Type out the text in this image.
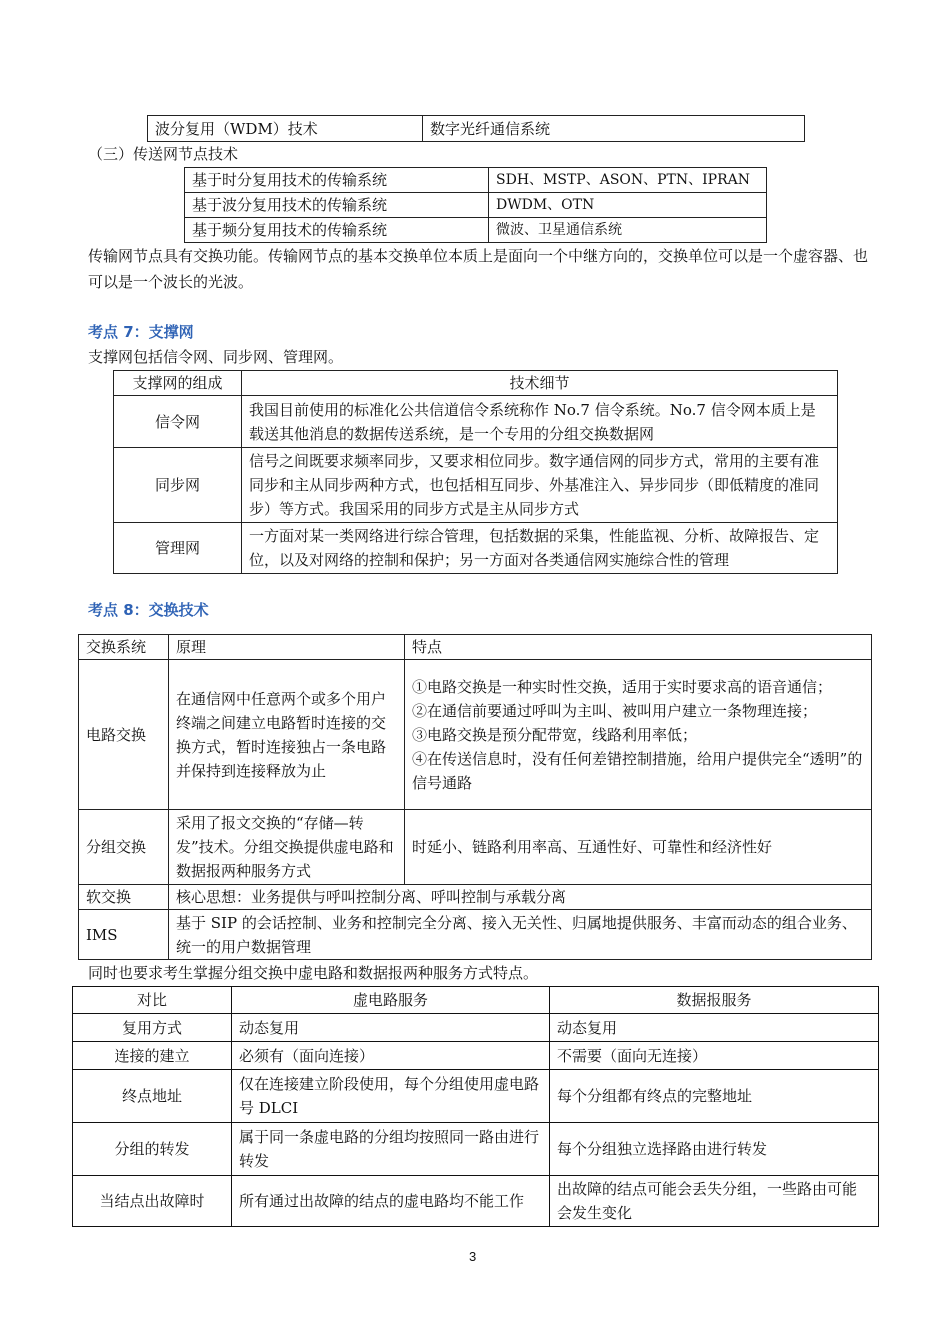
波分复用（WDM）技术	数字光纤通信系统
（三）传送网节点技术
基于时分复用技术的传输系统	SDH、MSTP、ASON、PTN、IPRAN
基于波分复用技术的传输系统	DWDM、OTN
基于频分复用技术的传输系统	微波、卫星通信系统
传输网节点具有交换功能。传输网节点的基本交换单位本质上是面向一个中继方向的，交换单位可以是一个虚容器、也可以是一个波长的光波。
考点 7：支撑网
支撑网包括信令网、同步网、管理网。
支撑网的组成	技术细节
信令网	我国目前使用的标准化公共信道信令系统称作 No.7 信令系统。No.7 信令网本质上是载送其他消息的数据传送系统，是一个专用的分组交换数据网
同步网	信号之间既要求频率同步，又要求相位同步。数字通信网的同步方式，常用的主要有准同步和主从同步两种方式，也包括相互同步、外基准注入、异步同步（即低精度的准同步）等方式。我国采用的同步方式是主从同步方式
管理网	一方面对某一类网络进行综合管理，包括数据的采集，性能监视、分析、故障报告、定位，以及对网络的控制和保护；另一方面对各类通信网实施综合性的管理
考点 8：交换技术
交换系统	原理	特点
电路交换	在通信网中任意两个或多个用户终端之间建立电路暂时连接的交换方式，暂时连接独占一条电路并保持到连接释放为止	①电路交换是一种实时性交换，适用于实时要求高的语音通信；
②在通信前要通过呼叫为主叫、被叫用户建立一条物理连接；
③电路交换是预分配带宽，线路利用率低；
④在传送信息时，没有任何差错控制措施，给用户提供完全“透明”的信号通路

分组交换	采用了报文交换的“存储—转发”技术。分组交换提供虚电路和数据报两种服务方式	时延小、链路利用率高、互通性好、可靠性和经济性好
软交换	核心思想：业务提供与呼叫控制分离、呼叫控制与承载分离	
IMS	基于 SIP 的会话控制、业务和控制完全分离、接入无关性、归属地提供服务、丰富而动态的组合业务、统一的用户数据管理	
同时也要求考生掌握分组交换中虚电路和数据报两种服务方式特点。
对比	虚电路服务	数据报服务
复用方式	动态复用	动态复用
连接的建立	必须有（面向连接）	不需要（面向无连接）
终点地址	仅在连接建立阶段使用，每个分组使用虚电路号 DLCI	每个分组都有终点的完整地址
分组的转发	属于同一条虚电路的分组均按照同一路由进行转发	每个分组独立选择路由进行转发
当结点出故障时	所有通过出故障的结点的虚电路均不能工作	出故障的结点可能会丢失分组，一些路由可能会发生变化
3
